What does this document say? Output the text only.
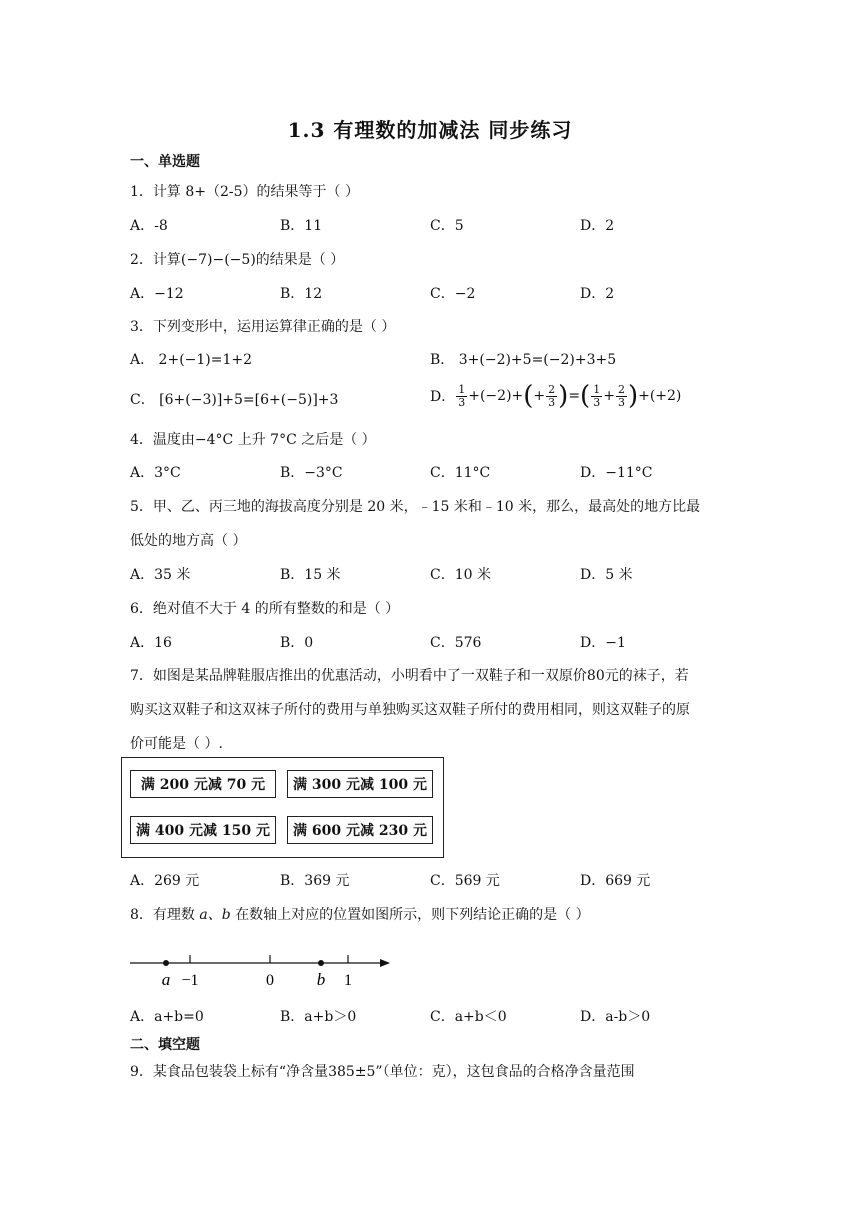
1.3 有理数的加减法 同步练习
一、单选题
1．计算 8+（2-5）的结果等于（ ）
A．-8	B．11	C．5	D．2
2．计算(−7)−(−5)的结果是（ ）
A．−12	B．12	C．−2	D．2
3．下列变形中，运用运算律正确的是（ ）
A． 2+(−1)=1+2	B． 3+(−2)+5=(−2)+3+5
C． [6+(−3)]+5=[6+(−5)]+3	D． $\frac{1}{3} +(-2)+$ ( + $\frac{2}{3}$ ) = ( $\frac{1}{3} + \frac{2}{3}$ ) +(+2)
4．温度由−4°C 上升 7°C 之后是（ ）
A．3°C	B．−3°C	C．11°C	D．−11°C
5．甲、乙、丙三地的海拔高度分别是 20 米，﹣15 米和﹣10 米，那么，最高处的地方比最
低处的地方高（ ）
A．35 米	B．15 米	C．10 米	D．5 米
6．绝对值不大于 4 的所有整数的和是（ ）
A．16	B．0	C．576	D．−1
7．如图是某品牌鞋服店推出的优惠活动，小明看中了一双鞋子和一双原价80元的袜子，若
购买这双鞋子和这双袜子所付的费用与单独购买这双鞋子所付的费用相同，则这双鞋子的原
价可能是（ ）.
满 200 元减 70 元	满 300 元减 100 元
满 400 元减 150 元	满 600 元减 230 元
A．269 元	B．369 元	C．569 元	D．669 元
8．有理数 a、b 在数轴上对应的位置如图所示，则下列结论正确的是（ ）
a −1	0	b 1
A．a+b=0	B．a+b＞0	C．a+b＜0	D．a-b＞0
二、填空题
9．某食品包装袋上标有“净含量385±5”（单位：克），这包食品的合格净含量范围
